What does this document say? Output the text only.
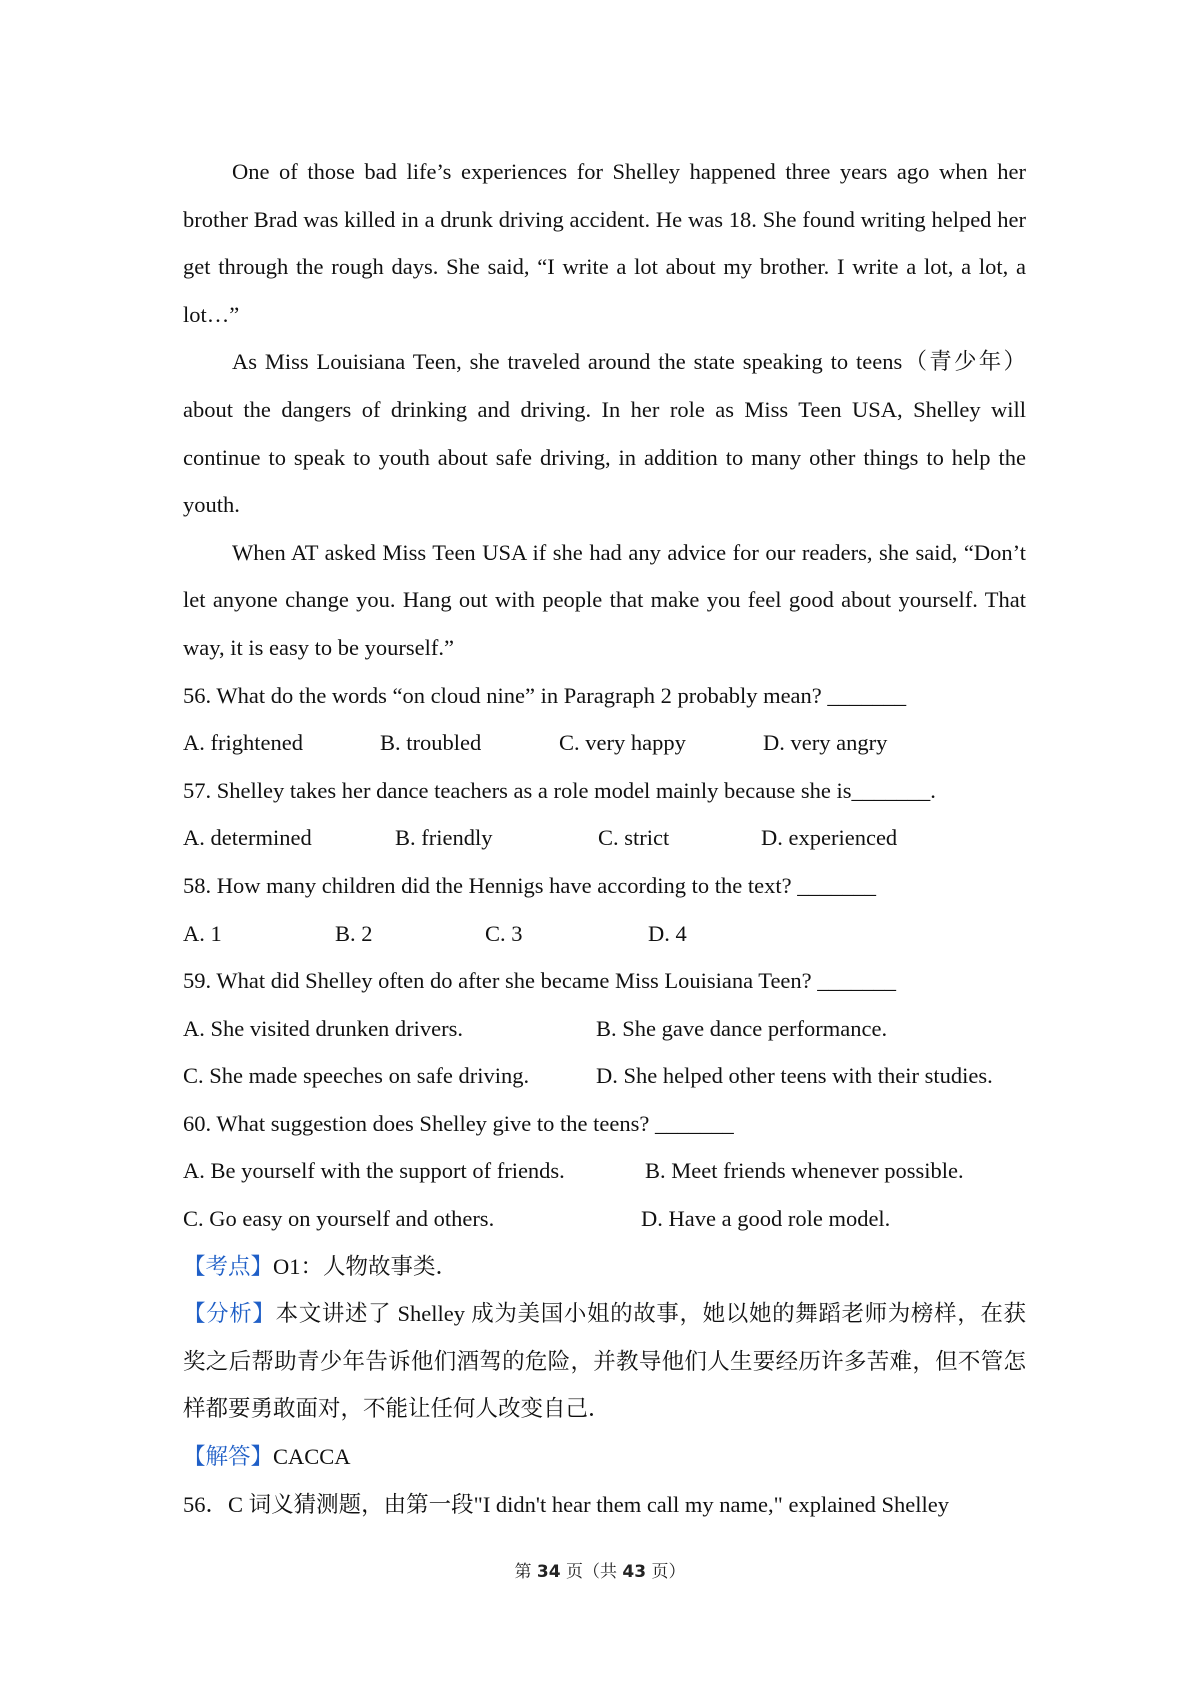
One of those bad life’s experiences for Shelley happened three years ago when her brother Brad was killed in a drunk driving accident. He was 18. She found writing helped her get through the rough days. She said, “I write a lot about my brother. I write a lot, a lot, a lot…”

As Miss Louisiana Teen, she traveled around the state speaking to teens（青少年）about the dangers of drinking and driving. In her role as Miss Teen USA, Shelley will continue to speak to youth about safe driving, in addition to many other things to help the youth.

When AT asked Miss Teen USA if she had any advice for our readers, she said, “Don’t let anyone change you. Hang out with people that make you feel good about yourself. That way, it is easy to be yourself.”

56. What do the words “on cloud nine” in Paragraph 2 probably mean? _______

A. frightened	B. troubled	C. very happy	D. very angry

57. Shelley takes her dance teachers as a role model mainly because she is_______.

A. determined	B. friendly	C. strict	D. experienced

58. How many children did the Hennigs have according to the text? _______

A. 1	B. 2	C. 3	D. 4

59. What did Shelley often do after she became Miss Louisiana Teen? _______

A. She visited drunken drivers.	B. She gave dance performance.
C. She made speeches on safe driving.	D. She helped other teens with their studies.

60. What suggestion does Shelley give to the teens? _______

A. Be yourself with the support of friends.	B. Meet friends whenever possible.
C. Go easy on yourself and others.	D. Have a good role model.

【考点】O1：人物故事类．

【分析】本文讲述了 Shelley 成为美国小姐的故事，她以她的舞蹈老师为榜样，在获奖之后帮助青少年告诉他们酒驾的危险，并教导他们人生要经历许多苦难，但不管怎样都要勇敢面对，不能让任何人改变自己．

【解答】CACCA

56．C 词义猜测题，由第一段"I didn't hear them call my name," explained Shelley

第 34 页（共 43 页）
